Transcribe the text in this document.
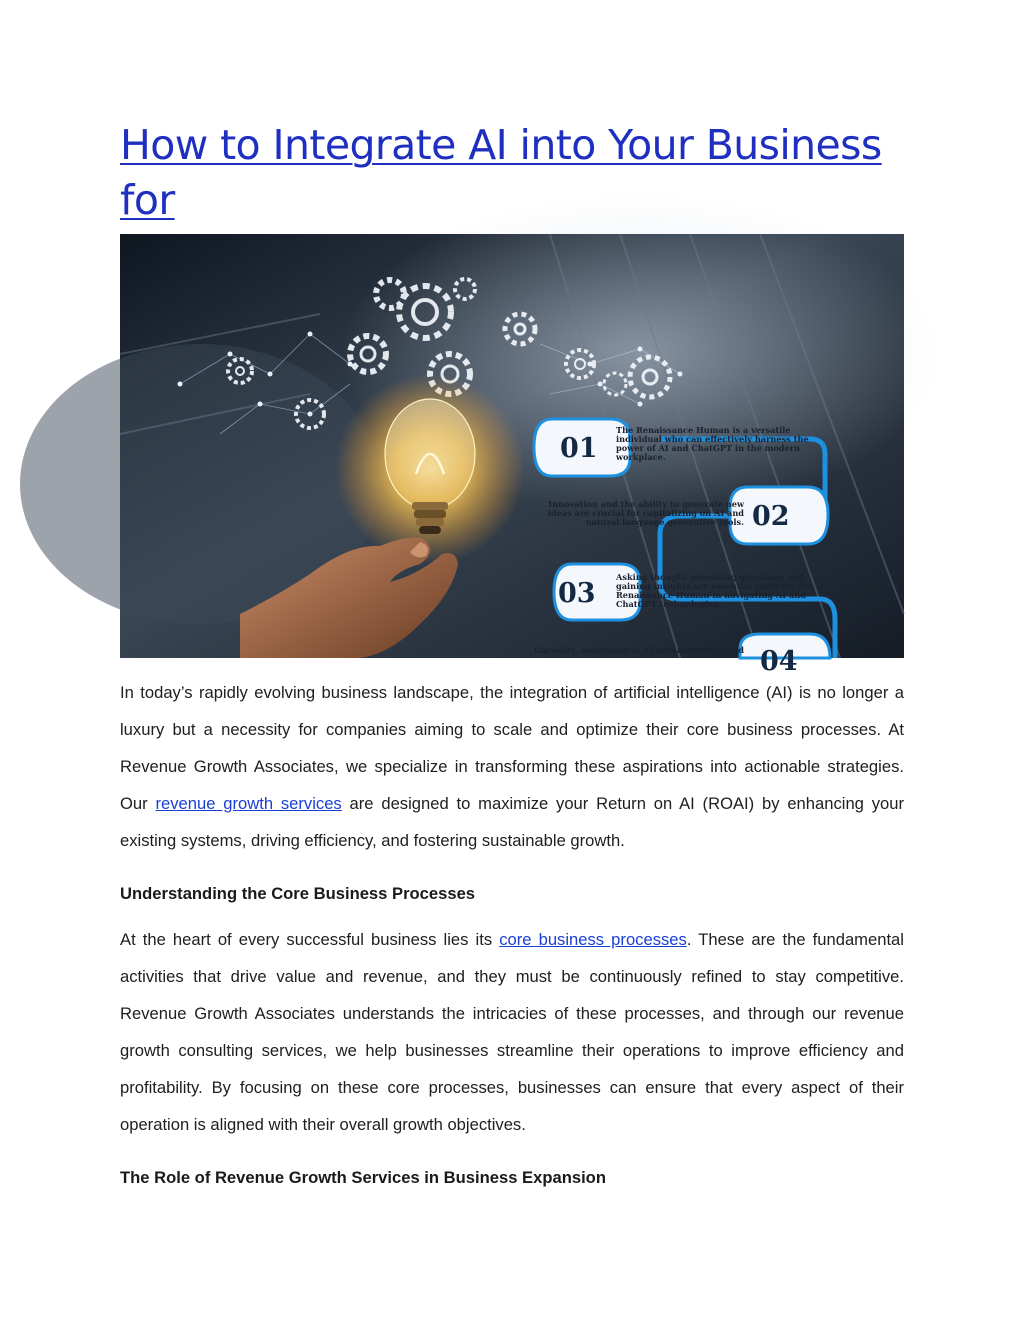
How to Integrate AI into Your Business for

01
The Renaissance Human is a versatile
individual who can effectively harness the
power of AI and ChatGPT in the modern
workplace.
02
Innovation and the ability to generate new
ideas are crucial for capitalizing on AI and
natural language generative tools.
03
Asking thought-provoking questions and
gaining insights are essential skills for the
Renaissance Human in navigating AI and
ChatGPT technologies.
04
Curiosity, awareness of AI advancements, and

In today’s rapidly evolving business landscape, the integration of artificial intelligence (AI) is no longer a luxury but a necessity for companies aiming to scale and optimize their core business processes. At Revenue Growth Associates, we specialize in transforming these aspirations into actionable strategies. Our revenue growth services are designed to maximize your Return on AI (ROAI) by enhancing your existing systems, driving efficiency, and fostering sustainable growth.

Understanding the Core Business Processes

At the heart of every successful business lies its core business processes. These are the fundamental activities that drive value and revenue, and they must be continuously refined to stay competitive. Revenue Growth Associates understands the intricacies of these processes, and through our revenue growth consulting services, we help businesses streamline their operations to improve efficiency and profitability. By focusing on these core processes, businesses can ensure that every aspect of their operation is aligned with their overall growth objectives.

The Role of Revenue Growth Services in Business Expansion
